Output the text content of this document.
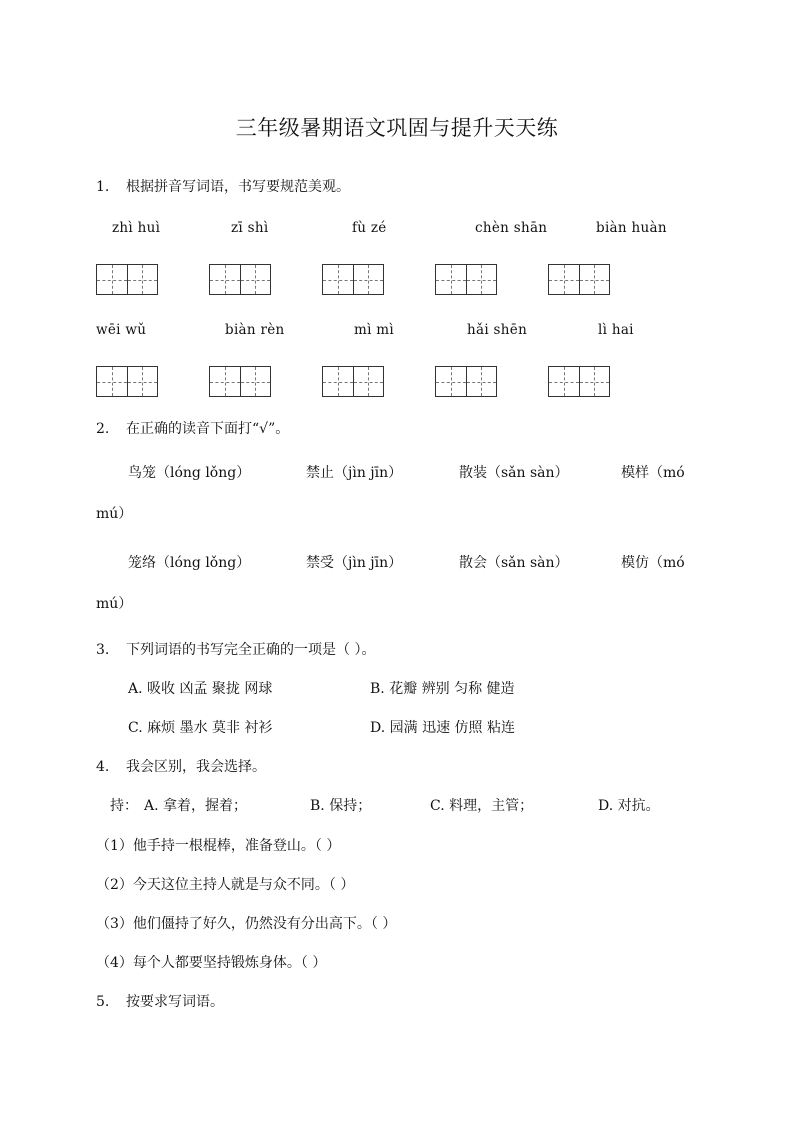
三年级暑期语文巩固与提升天天练
1. 根据拼音写词语，书写要规范美观。
zhì huì	zī shì	fù zé	chèn shān	biàn huàn
wēi wǔ	biàn rèn	mì mì	hǎi shēn	lì hai
2. 在正确的读音下面打“√”。
鸟笼（lóng lǒng）	禁止（jìn jīn）	散装（sǎn sàn）	模样（mó
mú）
笼络（lóng lǒng）	禁受（jìn jīn）	散会（sǎn sàn）	模仿（mó
mú）
3. 下列词语的书写完全正确的一项是（ ）。
A. 吸收 凶孟 聚拢 网球	B. 花瓣 辨别 匀称 健造
C. 麻烦 墨水 莫非 衬衫	D. 园满 迅速 仿照 粘连
4. 我会区别，我会选择。
持： A. 拿着，握着；	B. 保持；	C. 料理，主管；	D. 对抗。
（1）他手持一根棍棒，准备登山。（ ）
（2）今天这位主持人就是与众不同。（ ）
（3）他们僵持了好久，仍然没有分出高下。（ ）
（4）每个人都要坚持锻炼身体。（ ）
5. 按要求写词语。
